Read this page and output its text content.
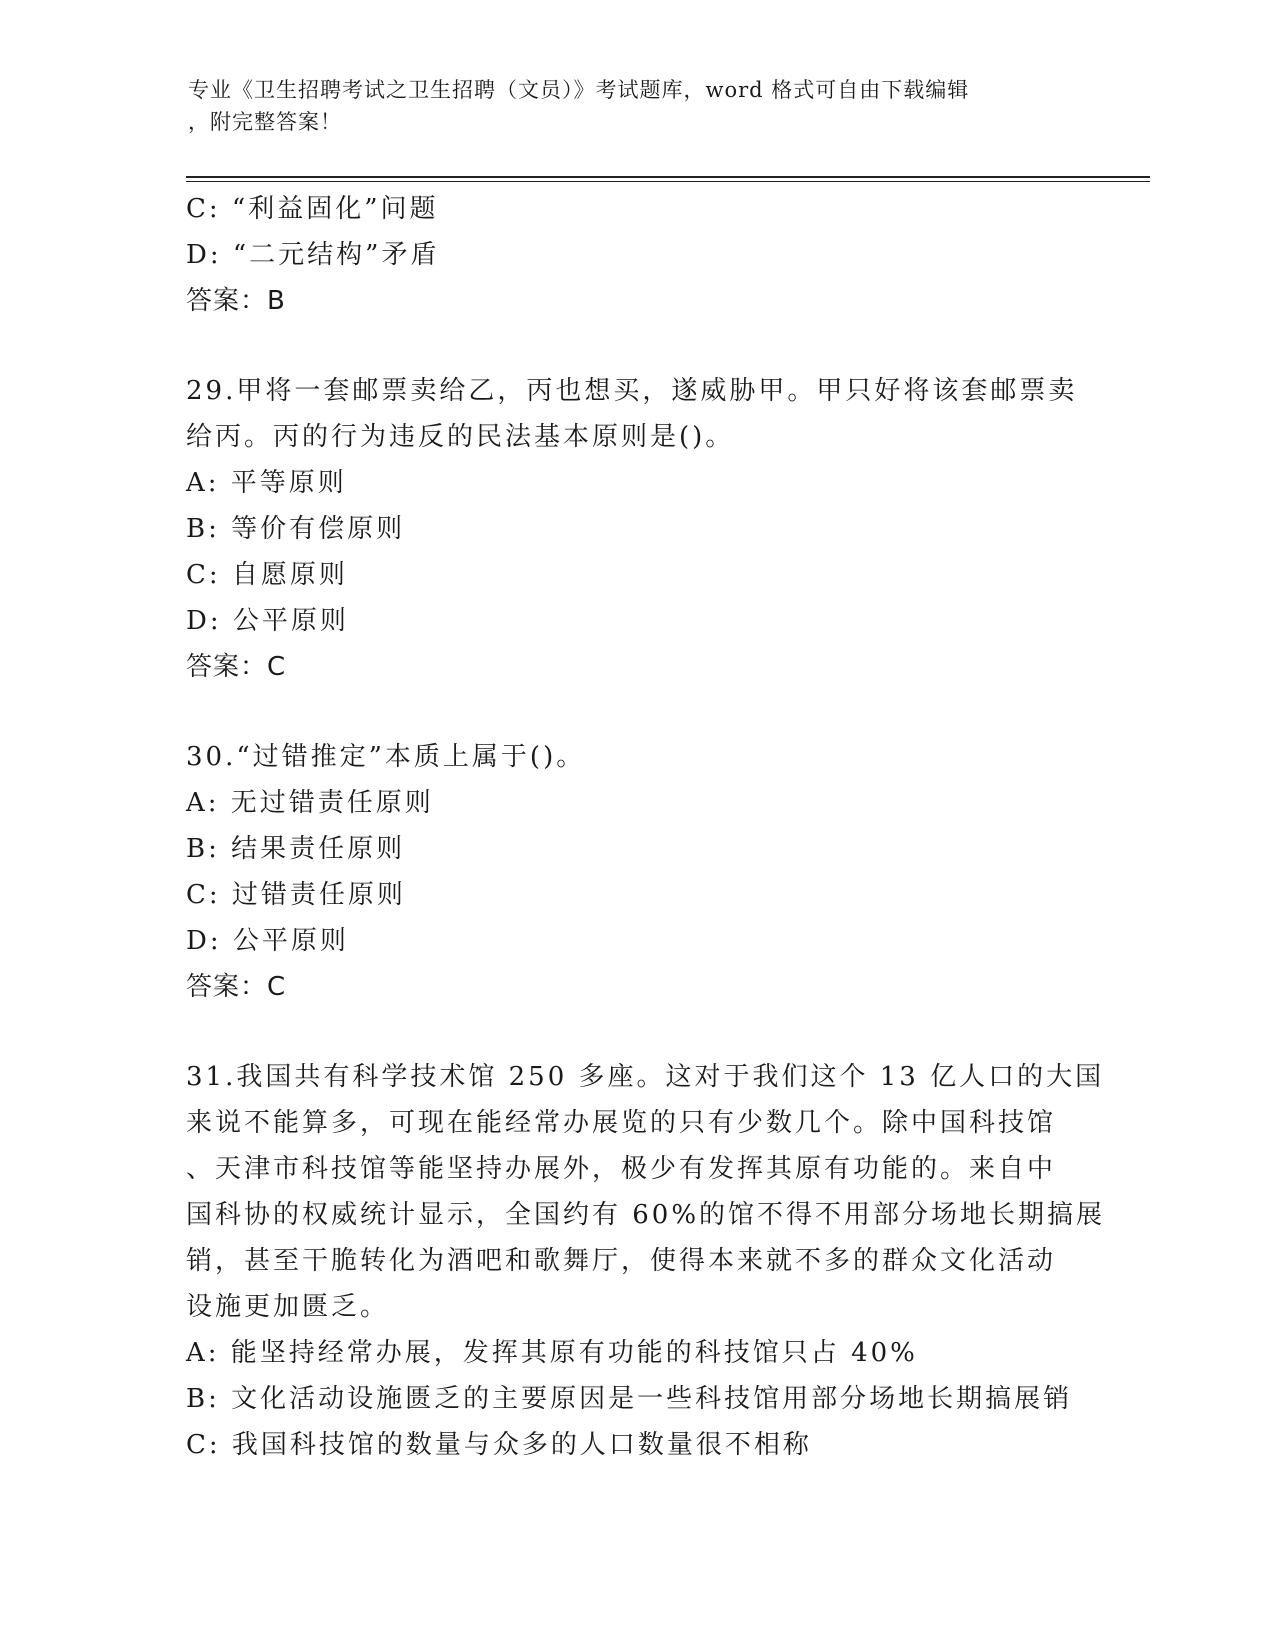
专业《卫生招聘考试之卫生招聘（文员）》考试题库，word 格式可自由下载编辑
，附完整答案！
C: “利益固化”问题
D: “二元结构”矛盾
答案：B
29.甲将一套邮票卖给乙，丙也想买，遂威胁甲。甲只好将该套邮票卖
给丙。丙的行为违反的民法基本原则是()。
A: 平等原则
B: 等价有偿原则
C: 自愿原则
D: 公平原则
答案：C
30.“过错推定”本质上属于()。
A: 无过错责任原则
B: 结果责任原则
C: 过错责任原则
D: 公平原则
答案：C
31.我国共有科学技术馆 250 多座。这对于我们这个 13 亿人口的大国
来说不能算多，可现在能经常办展览的只有少数几个。除中国科技馆
、天津市科技馆等能坚持办展外，极少有发挥其原有功能的。来自中
国科协的权威统计显示，全国约有 60%的馆不得不用部分场地长期搞展
销，甚至干脆转化为酒吧和歌舞厅，使得本来就不多的群众文化活动
设施更加匮乏。
A: 能坚持经常办展，发挥其原有功能的科技馆只占 40%
B: 文化活动设施匮乏的主要原因是一些科技馆用部分场地长期搞展销
C: 我国科技馆的数量与众多的人口数量很不相称
